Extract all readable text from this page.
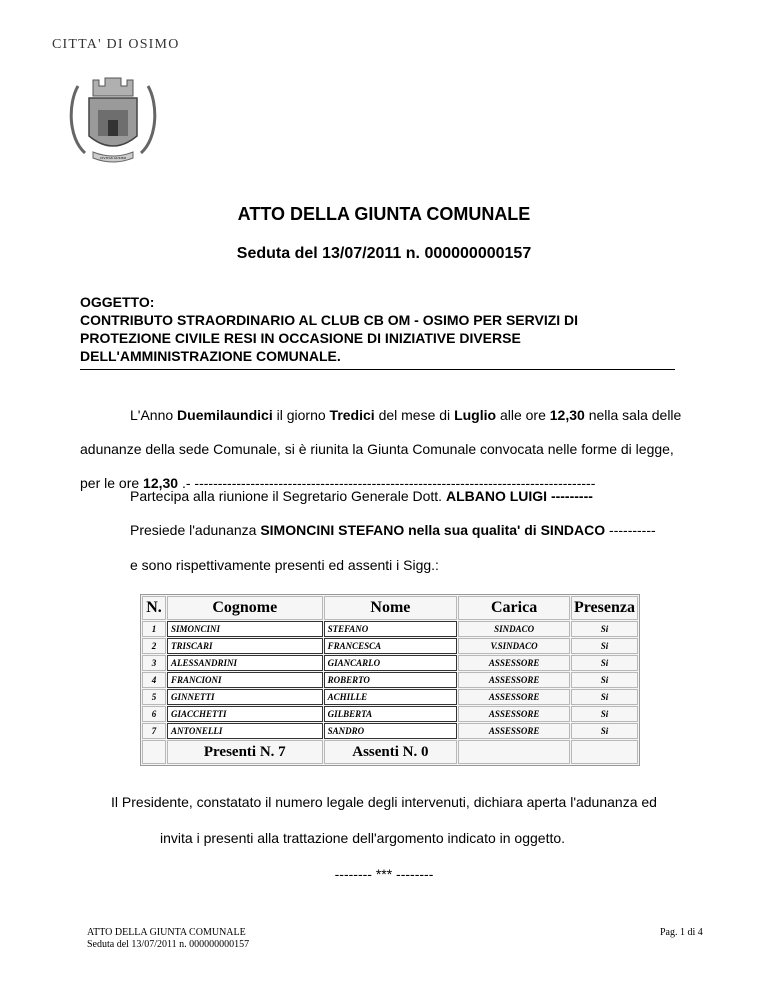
CITTA' DI OSIMO
CIVITAS AUXIMI
ATTO DELLA GIUNTA COMUNALE
Seduta del 13/07/2011 n. 000000000157
OGGETTO:
CONTRIBUTO STRAORDINARIO AL CLUB CB OM - OSIMO PER SERVIZI DI
PROTEZIONE CIVILE RESI IN OCCASIONE DI INIZIATIVE DIVERSE
DELL'AMMINISTRAZIONE COMUNALE.
L'Anno Duemilaundici il giorno Tredici del mese di Luglio alle ore 12,30 nella sala delle
adunanze della sede Comunale, si è riunita la Giunta Comunale convocata nelle forme di legge,
per le ore 12,30 .- --------------------------------------------------------------------------------------
Partecipa alla riunione il Segretario Generale Dott. ALBANO LUIGI ---------
Presiede l'adunanza SIMONCINI STEFANO nella sua qualita' di SINDACO ----------
e sono rispettivamente presenti ed assenti i Sigg.:
N.	Cognome	Nome	Carica	Presenza
1	SIMONCINI	STEFANO	SINDACO	Si
2	TRISCARI	FRANCESCA	V.SINDACO	Si
3	ALESSANDRINI	GIANCARLO	ASSESSORE	Si
4	FRANCIONI	ROBERTO	ASSESSORE	Si
5	GINNETTI	ACHILLE	ASSESSORE	Si
6	GIACCHETTI	GILBERTA	ASSESSORE	Si
7	ANTONELLI	SANDRO	ASSESSORE	Si
	Presenti N. 7	Assenti N. 0		
Il Presidente, constatato il numero legale degli intervenuti, dichiara aperta l'adunanza ed
invita i presenti alla trattazione dell'argomento indicato in oggetto.
-------- *** --------
ATTO DELLA GIUNTA COMUNALE
Seduta del 13/07/2011 n. 000000000157
Pag. 1 di 4
